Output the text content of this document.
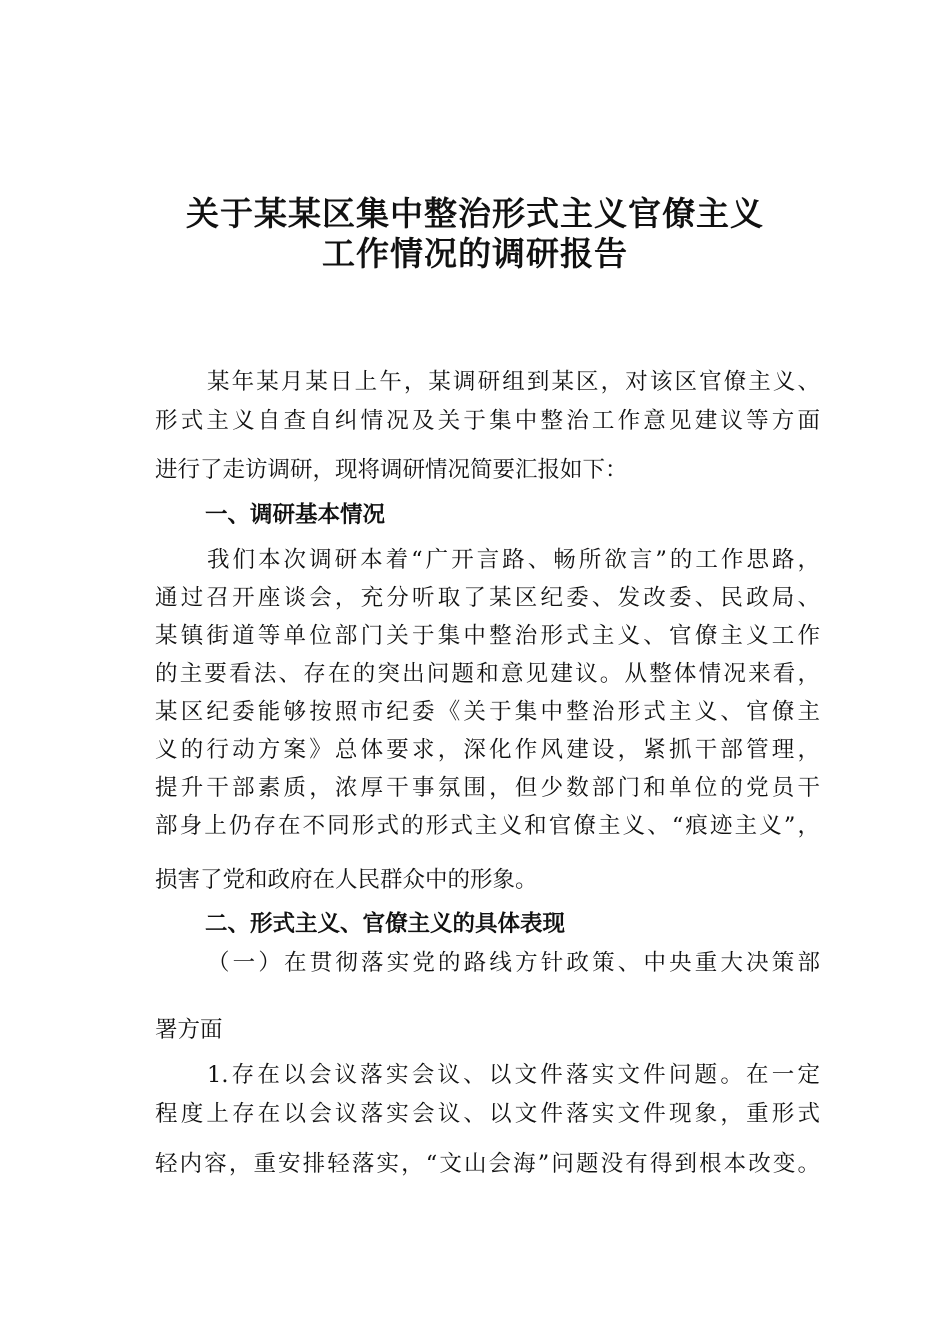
关于某某区集中整治形式主义官僚主义
工作情况的调研报告
某年某月某日上午，某调研组到某区，对该区官僚主义、
形式主义自查自纠情况及关于集中整治工作意见建议等方面
进行了走访调研，现将调研情况简要汇报如下：
一、调研基本情况
我们本次调研本着“广开言路、畅所欲言”的工作思路，
通过召开座谈会，充分听取了某区纪委、发改委、民政局、
某镇街道等单位部门关于集中整治形式主义、官僚主义工作
的主要看法、存在的突出问题和意见建议。从整体情况来看，
某区纪委能够按照市纪委《关于集中整治形式主义、官僚主
义的行动方案》总体要求，深化作风建设，紧抓干部管理，
提升干部素质，浓厚干事氛围，但少数部门和单位的党员干
部身上仍存在不同形式的形式主义和官僚主义、“痕迹主义”，
损害了党和政府在人民群众中的形象。
二、形式主义、官僚主义的具体表现
（一）在贯彻落实党的路线方针政策、中央重大决策部
署方面
1.存在以会议落实会议、以文件落实文件问题。在一定
程度上存在以会议落实会议、以文件落实文件现象，重形式
轻内容，重安排轻落实，“文山会海”问题没有得到根本改变。
